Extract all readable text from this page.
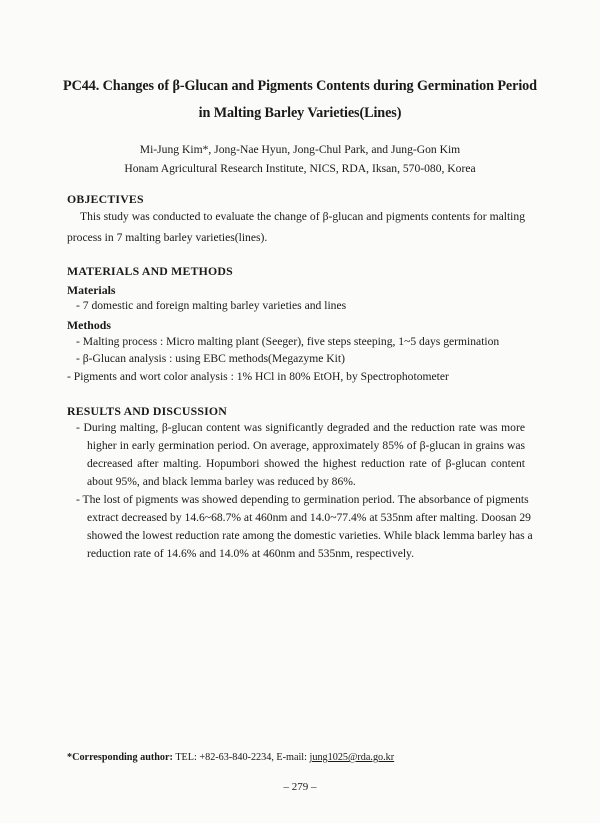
PC44. Changes of β-Glucan and Pigments Contents during Germination Period
in Malting Barley Varieties(Lines)
Mi-Jung Kim*, Jong-Nae Hyun, Jong-Chul Park, and Jung-Gon Kim
Honam Agricultural Research Institute, NICS, RDA, Iksan, 570-080, Korea
OBJECTIVES
This study was conducted to evaluate the change of β-glucan and pigments contents for malting
process in 7 malting barley varieties(lines).
MATERIALS AND METHODS
Materials
- 7 domestic and foreign malting barley varieties and lines
Methods
- Malting process : Micro malting plant (Seeger), five steps steeping, 1~5 days germination
- β-Glucan analysis : using EBC methods(Megazyme Kit)
- Pigments and wort color analysis : 1% HCl in 80% EtOH, by Spectrophotometer
RESULTS AND DISCUSSION
- During malting, β-glucan content was significantly degraded and the reduction rate was more
higher in early germination period. On average, approximately 85% of β-glucan in grains was
decreased after malting. Hopumbori showed the highest reduction rate of β-glucan content
about 95%, and black lemma barley was reduced by 86%.
- The lost of pigments was showed depending to germination period. The absorbance of pigments
extract decreased by 14.6~68.7% at 460nm and 14.0~77.4% at 535nm after malting. Doosan 29
showed the lowest reduction rate among the domestic varieties. While black lemma barley has a
reduction rate of 14.6% and 14.0% at 460nm and 535nm, respectively.
*Corresponding author: TEL: +82-63-840-2234, E-mail: jung1025@rda.go.kr
– 279 –
